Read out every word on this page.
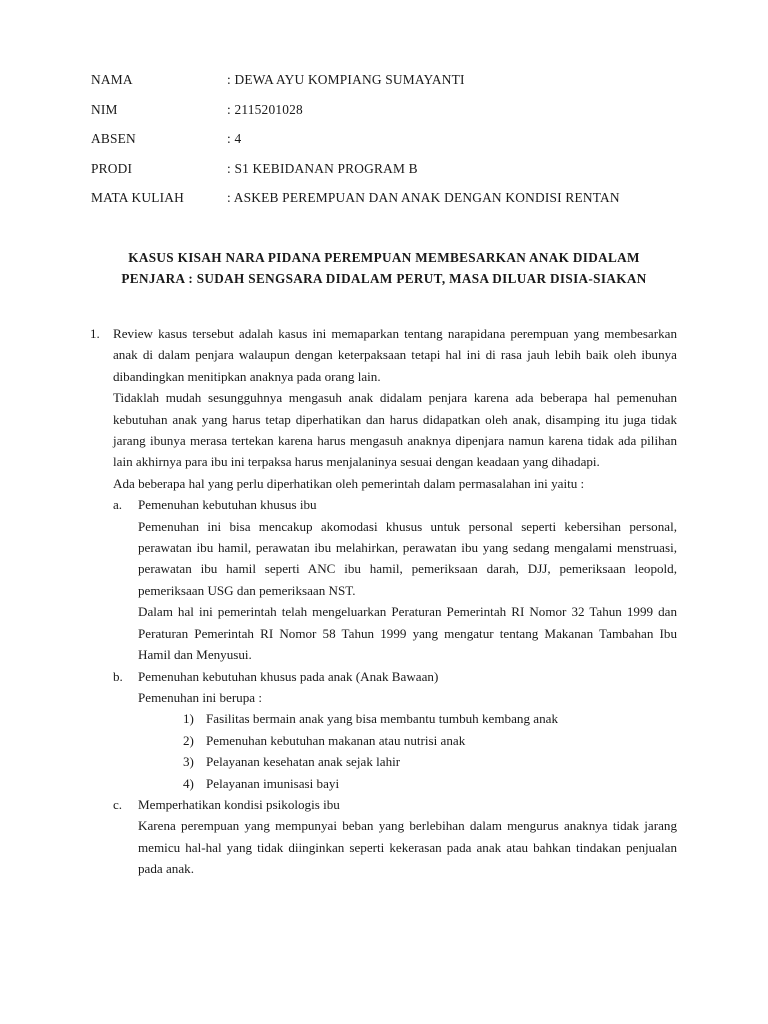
NAMA	: DEWA AYU KOMPIANG SUMAYANTI
NIM	: 2115201028
ABSEN	: 4
PRODI	: S1 KEBIDANAN PROGRAM B
MATA KULIAH	: ASKEB PEREMPUAN DAN ANAK DENGAN KONDISI RENTAN
KASUS KISAH NARA PIDANA PEREMPUAN MEMBESARKAN ANAK DIDALAM
PENJARA : SUDAH SENGSARA DIDALAM PERUT, MASA DILUAR DISIA-SIAKAN
1. Review kasus tersebut adalah kasus ini memaparkan tentang narapidana perempuan yang membesarkan anak di dalam penjara walaupun dengan keterpaksaan tetapi hal ini di rasa jauh lebih baik oleh ibunya dibandingkan menitipkan anaknya pada orang lain.

Tidaklah mudah sesungguhnya mengasuh anak didalam penjara karena ada beberapa hal pemenuhan kebutuhan anak yang harus tetap diperhatikan dan harus didapatkan oleh anak, disamping itu juga tidak jarang ibunya merasa tertekan karena harus mengasuh anaknya dipenjara namun karena tidak ada pilihan lain akhirnya para ibu ini terpaksa harus menjalaninya sesuai dengan keadaan yang dihadapi.

Ada beberapa hal yang perlu diperhatikan oleh pemerintah dalam permasalahan ini yaitu :

a. Pemenuhan kebutuhan khusus ibu

Pemenuhan ini bisa mencakup akomodasi khusus untuk personal seperti kebersihan personal, perawatan ibu hamil, perawatan ibu melahirkan, perawatan ibu yang sedang mengalami menstruasi, perawatan ibu hamil seperti ANC ibu hamil, pemeriksaan darah, DJJ, pemeriksaan leopold, pemeriksaan USG dan pemeriksaan NST.

Dalam hal ini pemerintah telah mengeluarkan Peraturan Pemerintah RI Nomor 32 Tahun 1999 dan Peraturan Pemerintah RI Nomor 58 Tahun 1999 yang mengatur tentang Makanan Tambahan Ibu Hamil dan Menyusui.

b. Pemenuhan kebutuhan khusus pada anak (Anak Bawaan)

Pemenuhan ini berupa :

1) Fasilitas bermain anak yang bisa membantu tumbuh kembang anak
2) Pemenuhan kebutuhan makanan atau nutrisi anak
3) Pelayanan kesehatan anak sejak lahir
4) Pelayanan imunisasi bayi
c. Memperhatikan kondisi psikologis ibu

Karena perempuan yang mempunyai beban yang berlebihan dalam mengurus anaknya tidak jarang memicu hal-hal yang tidak diinginkan seperti kekerasan pada anak atau bahkan tindakan penjualan pada anak.
